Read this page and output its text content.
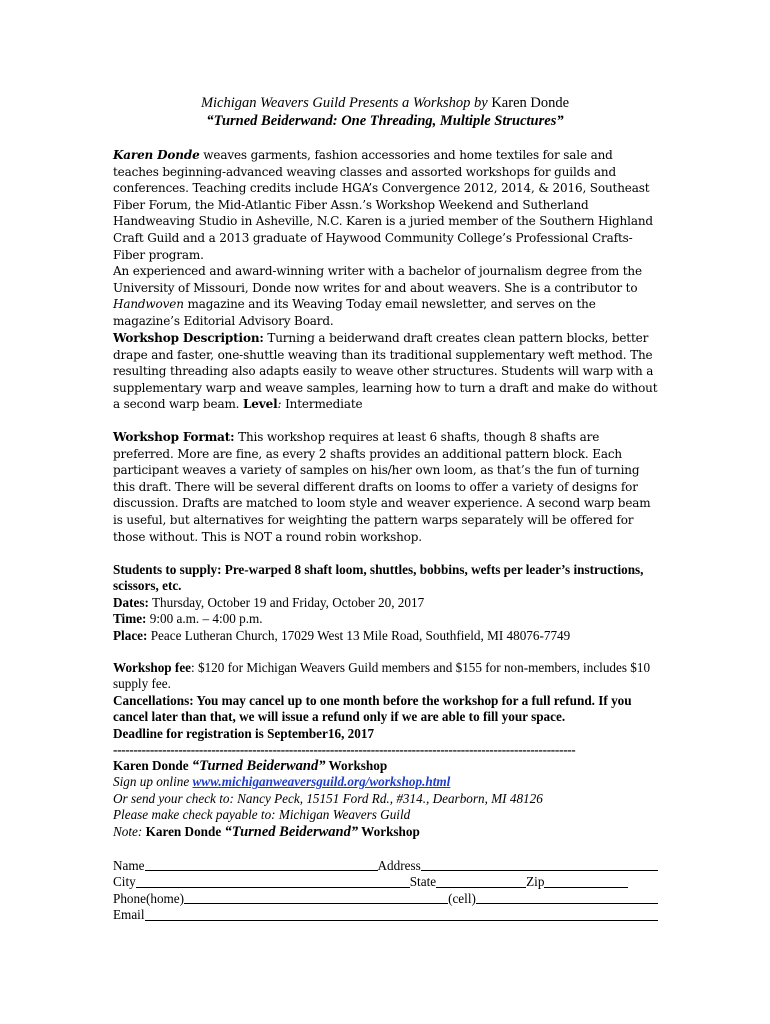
Michigan Weavers Guild Presents a Workshop by Karen Donde
“Turned Beiderwand: One Threading, Multiple Structures”

Karen Donde weaves garments, fashion accessories and home textiles for sale and teaches beginning-advanced weaving classes and assorted workshops for guilds and conferences. Teaching credits include HGA’s Convergence 2012, 2014, & 2016, Southeast Fiber Forum, the Mid-Atlantic Fiber Assn.’s Workshop Weekend and Sutherland Handweaving Studio in Asheville, N.C. Karen is a juried member of the Southern Highland Craft Guild and a 2013 graduate of Haywood Community College’s Professional Crafts-Fiber program.

An experienced and award-winning writer with a bachelor of journalism degree from the University of Missouri, Donde now writes for and about weavers. She is a contributor to Handwoven magazine and its Weaving Today email newsletter, and serves on the magazine’s Editorial Advisory Board.

Workshop Description: Turning a beiderwand draft creates clean pattern blocks, better drape and faster, one-shuttle weaving than its traditional supplementary weft method. The resulting threading also adapts easily to weave other structures. Students will warp with a supplementary warp and weave samples, learning how to turn a draft and make do without a second warp beam. Level: Intermediate

Workshop Format: This workshop requires at least 6 shafts, though 8 shafts are preferred. More are fine, as every 2 shafts provides an additional pattern block. Each participant weaves a variety of samples on his/her own loom, as that’s the fun of turning this draft. There will be several different drafts on looms to offer a variety of designs for discussion. Drafts are matched to loom style and weaver experience. A second warp beam is useful, but alternatives for weighting the pattern warps separately will be offered for those without. This is NOT a round robin workshop.

Students to supply: Pre-warped 8 shaft loom, shuttles, bobbins, wefts per leader’s instructions, scissors, etc.

Dates: Thursday, October 19 and Friday, October 20, 2017

Time: 9:00 a.m. – 4:00 p.m.

Place: Peace Lutheran Church, 17029 West 13 Mile Road, Southfield, MI 48076-7749

Workshop fee: $120 for Michigan Weavers Guild members and $155 for non-members, includes $10 supply fee.

Cancellations: You may cancel up to one month before the workshop for a full refund. If you cancel later than that, we will issue a refund only if we are able to fill your space.

Deadline for registration is September16, 2017

-----------------------------------------------------------------------------------------------------------------

Karen Donde “Turned Beiderwand” Workshop

Sign up online www.michiganweaversguild.org/workshop.html

Or send your check to: Nancy Peck, 15151 Ford Rd., #314., Dearborn, MI 48126

Please make check payable to: Michigan Weavers Guild

Note: Karen Donde “Turned Beiderwand” Workshop

Name	Address
City	State	Zip
Phone(home)	(cell)
Email
